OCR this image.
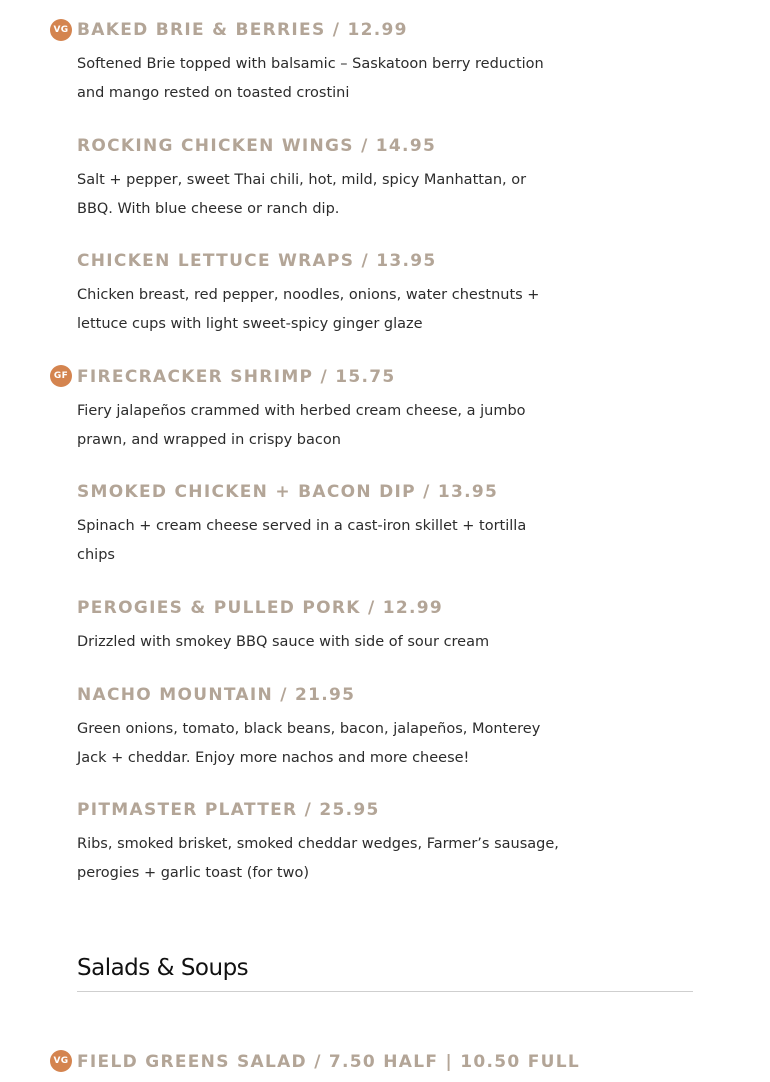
VG BAKED BRIE & BERRIES / 12.99

Softened Brie topped with balsamic – Saskatoon berry reduction and mango rested on toasted crostini

ROCKING CHICKEN WINGS / 14.95

Salt + pepper, sweet Thai chili, hot, mild, spicy Manhattan, or BBQ. With blue cheese or ranch dip.

CHICKEN LETTUCE WRAPS / 13.95

Chicken breast, red pepper, noodles, onions, water chestnuts + lettuce cups with light sweet-spicy ginger glaze

GF FIRECRACKER SHRIMP / 15.75

Fiery jalapeños crammed with herbed cream cheese, a jumbo prawn, and wrapped in crispy bacon

SMOKED CHICKEN + BACON DIP / 13.95

Spinach + cream cheese served in a cast-iron skillet + tortilla chips

PEROGIES & PULLED PORK / 12.99

Drizzled with smokey BBQ sauce with side of sour cream

NACHO MOUNTAIN / 21.95

Green onions, tomato, black beans, bacon, jalapeños, Monterey Jack + cheddar. Enjoy more nachos and more cheese!

PITMASTER PLATTER / 25.95

Ribs, smoked brisket, smoked cheddar wedges, Farmer’s sausage, perogies + garlic toast (for two)

Salads & Soups
VG FIELD GREENS SALAD / 7.50 HALF | 10.50 FULL
